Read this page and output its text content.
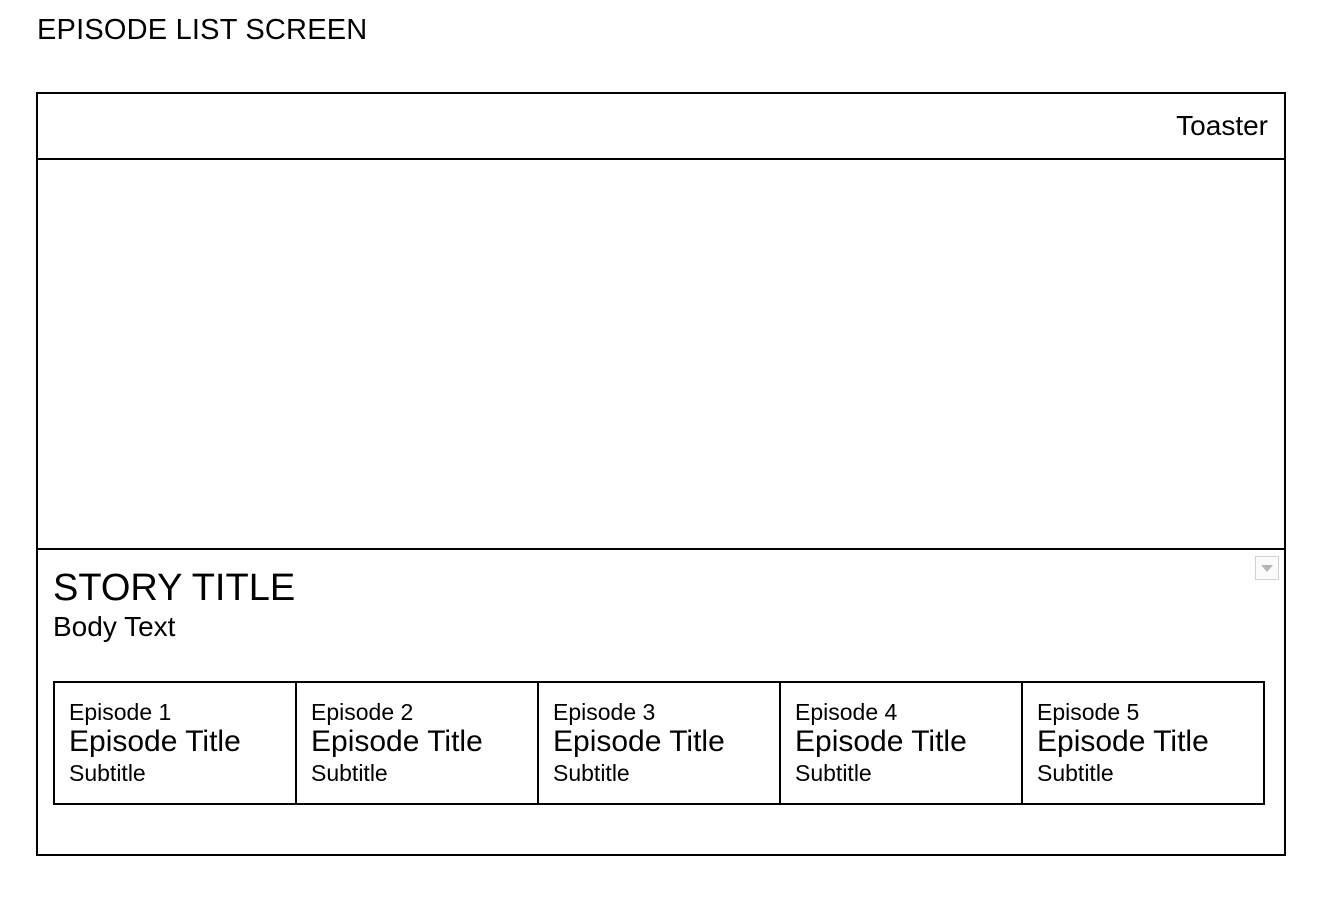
EPISODE LIST SCREEN
Toaster
STORY TITLE
Body Text
Episode 1
Episode Title
Subtitle
Episode 2
Episode Title
Subtitle
Episode 3
Episode Title
Subtitle
Episode 4
Episode Title
Subtitle
Episode 5
Episode Title
Subtitle
